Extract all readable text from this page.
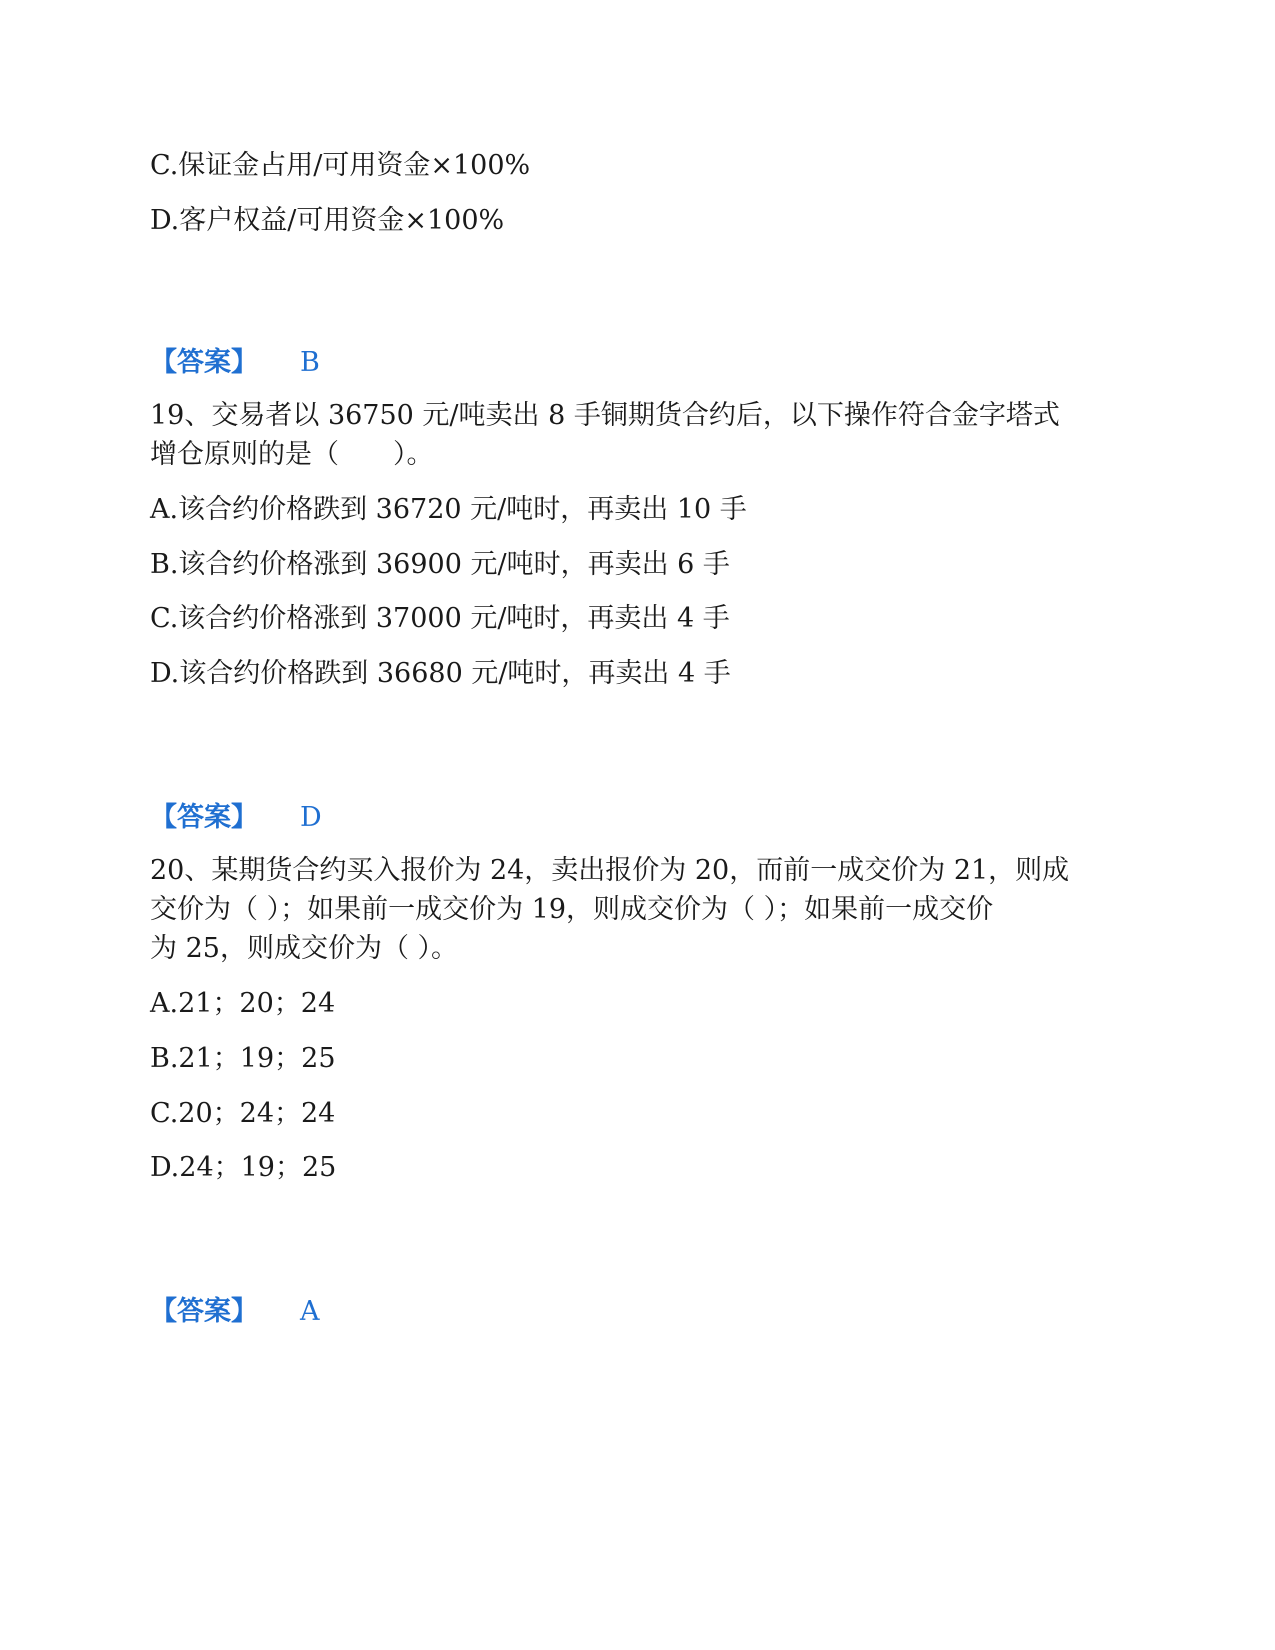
C.保证金占用/可用资金×100%
D.客户权益/可用资金×100%
【答案】 B
19、交易者以 36750 元/吨卖出 8 手铜期货合约后，以下操作符合金字塔式
增仓原则的是（　　）。
A.该合约价格跌到 36720 元/吨时，再卖出 10 手
B.该合约价格涨到 36900 元/吨时，再卖出 6 手
C.该合约价格涨到 37000 元/吨时，再卖出 4 手
D.该合约价格跌到 36680 元/吨时，再卖出 4 手
【答案】 D
20、某期货合约买入报价为 24，卖出报价为 20，而前一成交价为 21，则成
交价为（ ）；如果前一成交价为 19，则成交价为（ ）；如果前一成交价
为 25，则成交价为（ ）。
A.21；20；24
B.21；19；25
C.20；24；24
D.24；19；25
【答案】 A
